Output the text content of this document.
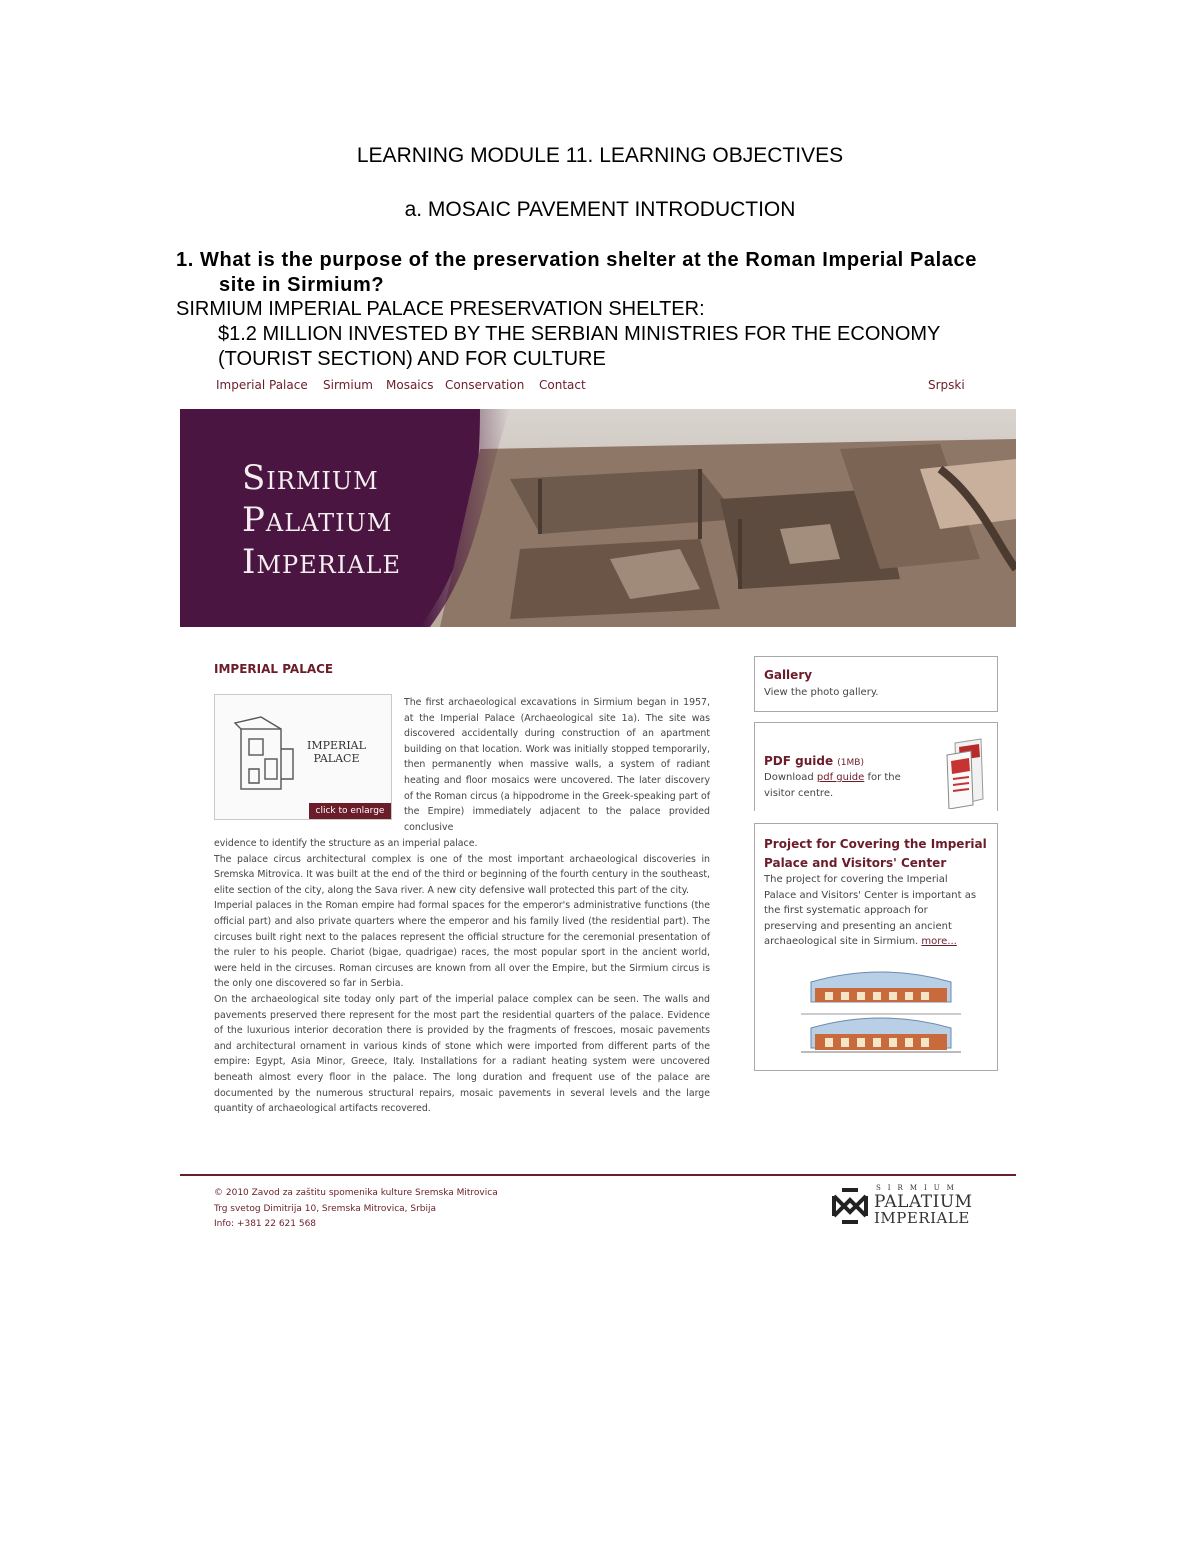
LEARNING MODULE 11. LEARNING OBJECTIVES
a. MOSAIC PAVEMENT INTRODUCTION
1. What is the purpose of the preservation shelter at the Roman Imperial Palace
site in Sirmium?
SIRMIUM IMPERIAL PALACE PRESERVATION SHELTER:
$1.2 MILLION INVESTED BY THE SERBIAN MINISTRIES FOR THE ECONOMY (TOURIST SECTION) AND FOR CULTURE
Imperial Palace Sirmium Mosaics Conservation Contact	Srpski
Sirmium
Palatium
Imperiale
IMPERIAL PALACE
IMPERIAL
PALACE
click to enlarge
The first archaeological excavations in Sirmium began in 1957, at the Imperial Palace (Archaeological site 1a). The site was discovered accidentally during construction of an apartment building on that location. Work was initially stopped temporarily, then permanently when massive walls, a system of radiant heating and floor mosaics were uncovered. The later discovery of the Roman circus (a hippodrome in the Greek-speaking part of the Empire) immediately adjacent to the palace provided conclusive

evidence to identify the structure as an imperial palace.

The palace circus architectural complex is one of the most important archaeological discoveries in Sremska Mitrovica. It was built at the end of the third or beginning of the fourth century in the southeast, elite section of the city, along the Sava river. A new city defensive wall protected this part of the city.

Imperial palaces in the Roman empire had formal spaces for the emperor's administrative functions (the official part) and also private quarters where the emperor and his family lived (the residential part). The circuses built right next to the palaces represent the official structure for the ceremonial presentation of the ruler to his people. Chariot (bigae, quadrigae) races, the most popular sport in the ancient world, were held in the circuses. Roman circuses are known from all over the Empire, but the Sirmium circus is the only one discovered so far in Serbia.

On the archaeological site today only part of the imperial palace complex can be seen. The walls and pavements preserved there represent for the most part the residential quarters of the palace. Evidence of the luxurious interior decoration there is provided by the fragments of frescoes, mosaic pavements and architectural ornament in various kinds of stone which were imported from different parts of the empire: Egypt, Asia Minor, Greece, Italy. Installations for a radiant heating system were uncovered beneath almost every floor in the palace. The long duration and frequent use of the palace are documented by the numerous structural repairs, mosaic pavements in several levels and the large quantity of archaeological artifacts recovered.

Gallery
View the photo gallery.
PDF guide (1MB)
Download pdf guide for the
visitor centre.
Project for Covering the Imperial
Palace and Visitors' Center
The project for covering the Imperial
Palace and Visitors' Center is important as
the first systematic approach for
preserving and presenting an ancient
archaeological site in Sirmium. more...
© 2010 Zavod za zaštitu spomenika kulture Sremska Mitrovica
Trg svetog Dimitrija 10, Sremska Mitrovica, Srbija
Info: +381 22 621 568
SIRMIUM
PALATIUM
IMPERIALE
